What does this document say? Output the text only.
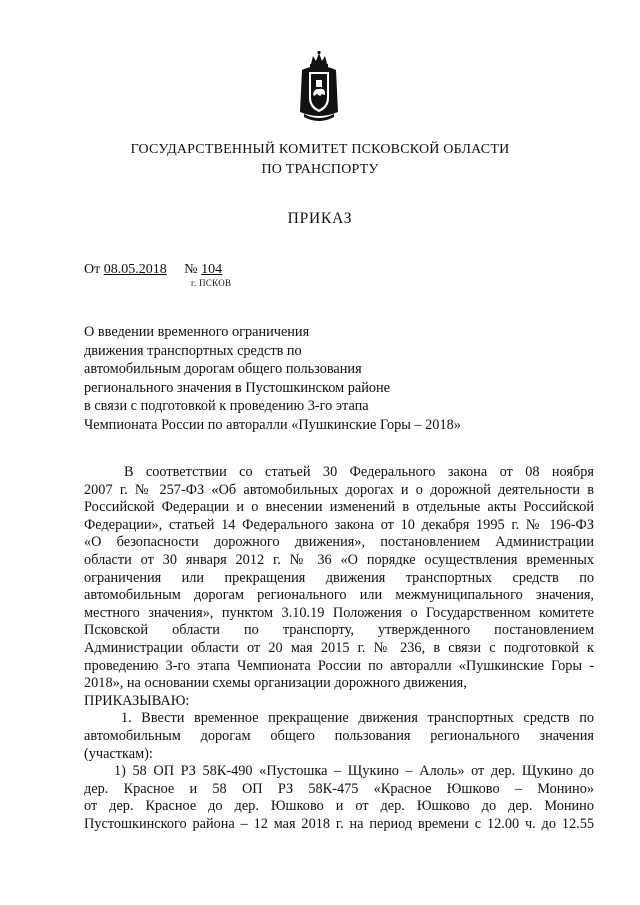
ГОСУДАРСТВЕННЫЙ КОМИТЕТ ПСКОВСКОЙ ОБЛАСТИ
ПО ТРАНСПОРТУ
ПРИКАЗ
От 08.05.2018 № 104
г. ПСКОВ
О введении временного ограничения
движения транспортных средств по
автомобильным дорогам общего пользования
регионального значения в Пустошкинском районе
в связи с подготовкой к проведению 3-го этапа
Чемпионата России по авторалли «Пушкинские Горы – 2018»
В соответствии со статьей 30 Федерального закона от 08 ноября
2007 г. № 257-ФЗ «Об автомобильных дорогах и о дорожной деятельности в
Российской Федерации и о внесении изменений в отдельные акты Российской
Федерации», статьей 14 Федерального закона от 10 декабря 1995 г. № 196-ФЗ
«О безопасности дорожного движения», постановлением Администрации
области от 30 января 2012 г. № 36 «О порядке осуществления временных
ограничения или прекращения движения транспортных средств по
автомобильным дорогам регионального или межмуниципального значения,
местного значения», пунктом 3.10.19 Положения о Государственном комитете
Псковской области по транспорту, утвержденного постановлением
Администрации области от 20 мая 2015 г. № 236, в связи с подготовкой к
проведению 3-го этапа Чемпионата России по авторалли «Пушкинские Горы -
2018», на основании схемы организации дорожного движения,
ПРИКАЗЫВАЮ:
1. Ввести временное прекращение движения транспортных средств по
автомобильным дорогам общего пользования регионального значения
(участкам):
1) 58 ОП РЗ 58К-490 «Пустошка – Щукино – Алоль» от дер. Щукино до
дер. Красное и 58 ОП РЗ 58К-475 «Красное Юшково – Монино»
от дер. Красное до дер. Юшково и от дер. Юшково до дер. Монино
Пустошкинского района – 12 мая 2018 г. на период времени с 12.00 ч. до 12.55
